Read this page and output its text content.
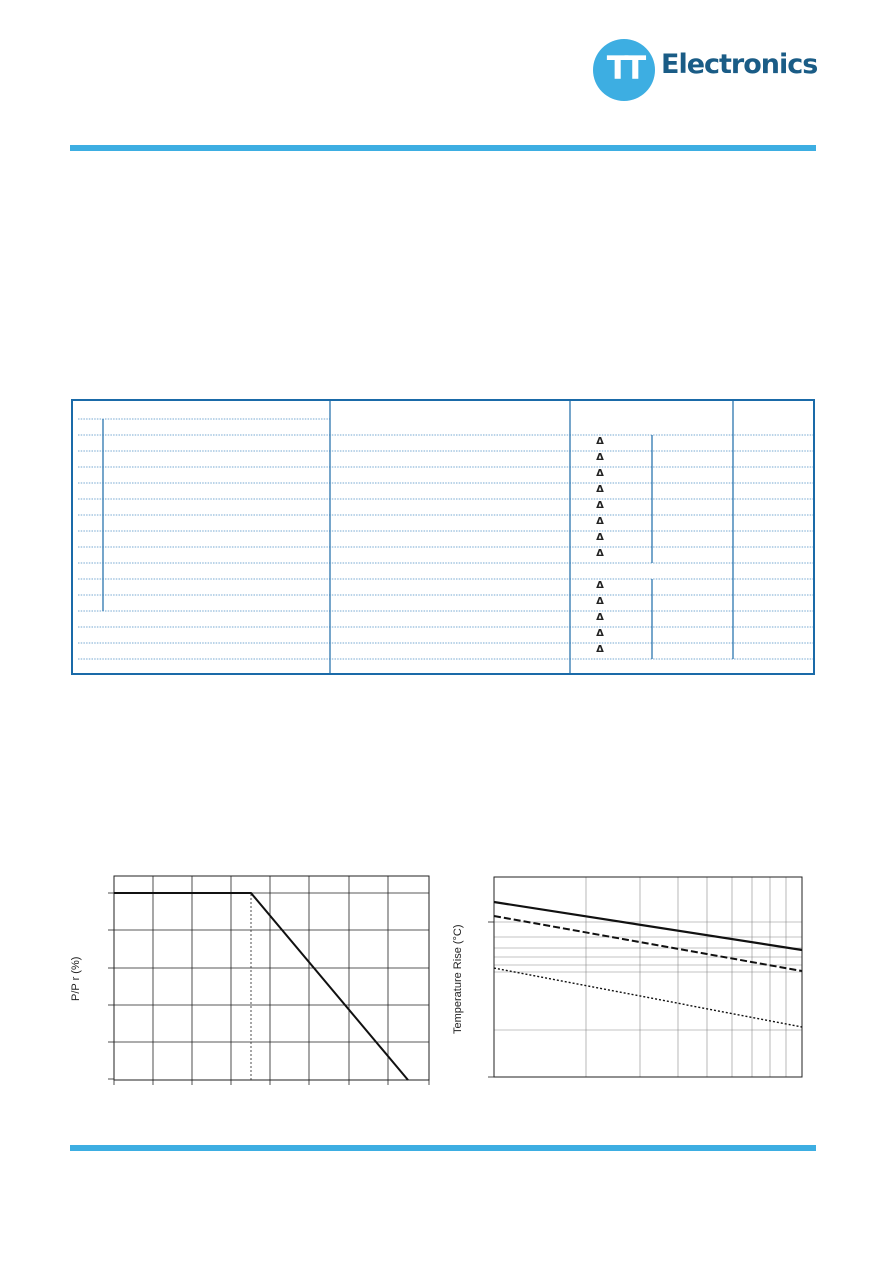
TT Electronics
Δ
Δ
Δ
Δ
Δ
Δ
Δ
Δ
Δ
Δ
Δ
Δ
Δ
P/P r (%)	Temperature Rise (°C)
